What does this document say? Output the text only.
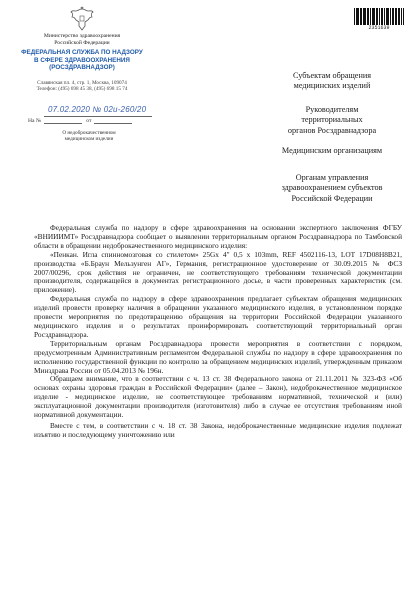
Министерство здравоохранения
Российской Федерации
ФЕДЕРАЛЬНАЯ СЛУЖБА ПО НАДЗОРУ
В СФЕРЕ ЗДРАВООХРАНЕНИЯ
(РОСЗДРАВНАДЗОР)
Славянская пл. 4, стр. 1, Москва, 109074
Телефон: (495) 698 45 38, (495) 698 15 74
07.02.2020 № 02и-260/20
На №	от
О недоброкачественном
медицинском изделии
2351639
Субъектам обращения
медицинских изделий
Руководителям
территориальных
органов Росздравнадзора
Медицинским организациям
Органам управления
здравоохранением субъектов
Российской Федерации

Федеральная служба по надзору в сфере здравоохранения на основании экспертного заключения ФГБУ «ВНИИИМТ» Росздравнадзора сообщает о выявлении территориальным органом Росздравнадзора по Тамбовской области в обращении недоброкачественного медицинского изделия:

«Пенкан. Игла спинномозговая со стилетом» 25Gx 4" 0,5 x 103mm, REF 4502116-13, LOT 17D08H8B21, производства «Б.Браун Мельзунген АГ», Германия, регистрационное удостоверение от 30.09.2015 № ФСЗ 2007/00296, срок действия не ограничен, не соответствующего требованиям технической документации производителя, содержащейся в документах регистрационного досье, в части проверенных характеристик (см. приложение).

Федеральная служба по надзору в сфере здравоохранения предлагает субъектам обращения медицинских изделий провести проверку наличия в обращении указанного медицинского изделия, в установленном порядке провести мероприятия по предотвращению обращения на территории Российской Федерации указанного медицинского изделия и о результатах проинформировать соответствующий территориальный орган Росздравнадзора.

Территориальным органам Росздравнадзора провести мероприятия в соответствии с порядком, предусмотренным Административным регламентом Федеральной службы по надзору в сфере здравоохранения по исполнению государственной функции по контролю за обращением медицинских изделий, утвержденным приказом Минздрава России от 05.04.2013 № 196н.

Обращаем внимание, что в соответствии с ч. 13 ст. 38 Федерального закона от 21.11.2011 № 323-ФЗ «Об основах охраны здоровья граждан в Российской Федерации» (далее – Закон), недоброкачественное медицинское изделие - медицинское изделие, не соответствующее требованиям нормативной, технической и (или) эксплуатационной документации производителя (изготовителя) либо в случае ее отсутствия требованиям иной нормативной документации.

Вместе с тем, в соответствии с ч. 18 ст. 38 Закона, недоброкачественные медицинские изделия подлежат изъятию и последующему уничтожению или
